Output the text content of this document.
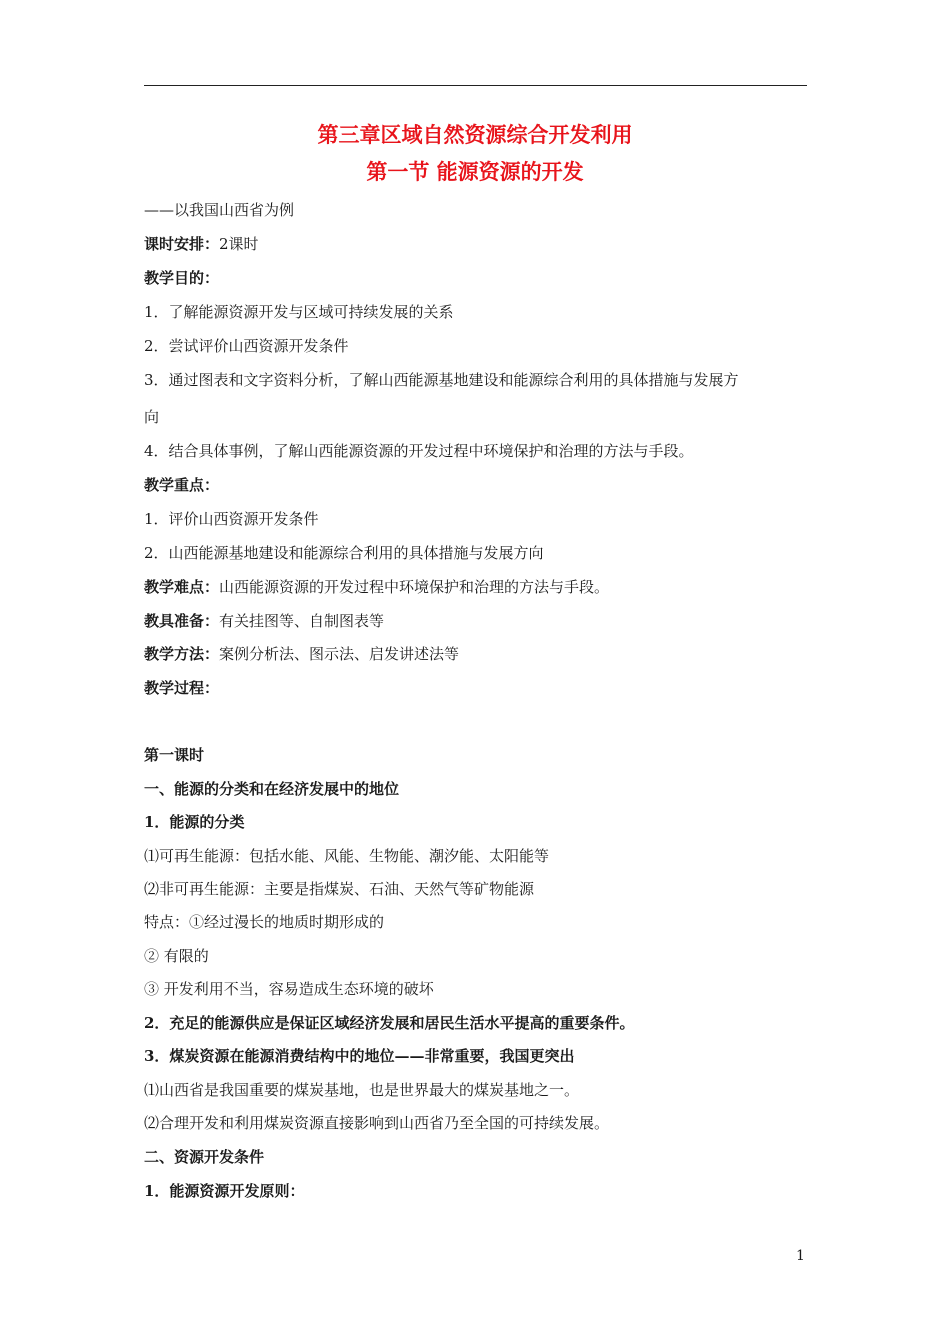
第三章区域自然资源综合开发利用
第一节 能源资源的开发
——以我国山西省为例
课时安排：2课时
教学目的：
1．了解能源资源开发与区域可持续发展的关系
2．尝试评价山西资源开发条件
3．通过图表和文字资料分析，了解山西能源基地建设和能源综合利用的具体措施与发展方
向
4．结合具体事例，了解山西能源资源的开发过程中环境保护和治理的方法与手段。
教学重点：
1．评价山西资源开发条件
2．山西能源基地建设和能源综合利用的具体措施与发展方向
教学难点：山西能源资源的开发过程中环境保护和治理的方法与手段。
教具准备：有关挂图等、自制图表等
教学方法：案例分析法、图示法、启发讲述法等
教学过程：
第一课时
一、能源的分类和在经济发展中的地位
1．能源的分类
⑴可再生能源：包括水能、风能、生物能、潮汐能、太阳能等
⑵非可再生能源：主要是指煤炭、石油、天然气等矿物能源
特点：①经过漫长的地质时期形成的
② 有限的
③ 开发利用不当，容易造成生态环境的破坏
2．充足的能源供应是保证区域经济发展和居民生活水平提高的重要条件。
3．煤炭资源在能源消费结构中的地位——非常重要，我国更突出
⑴山西省是我国重要的煤炭基地，也是世界最大的煤炭基地之一。
⑵合理开发和利用煤炭资源直接影响到山西省乃至全国的可持续发展。
二、资源开发条件
1．能源资源开发原则：
1
